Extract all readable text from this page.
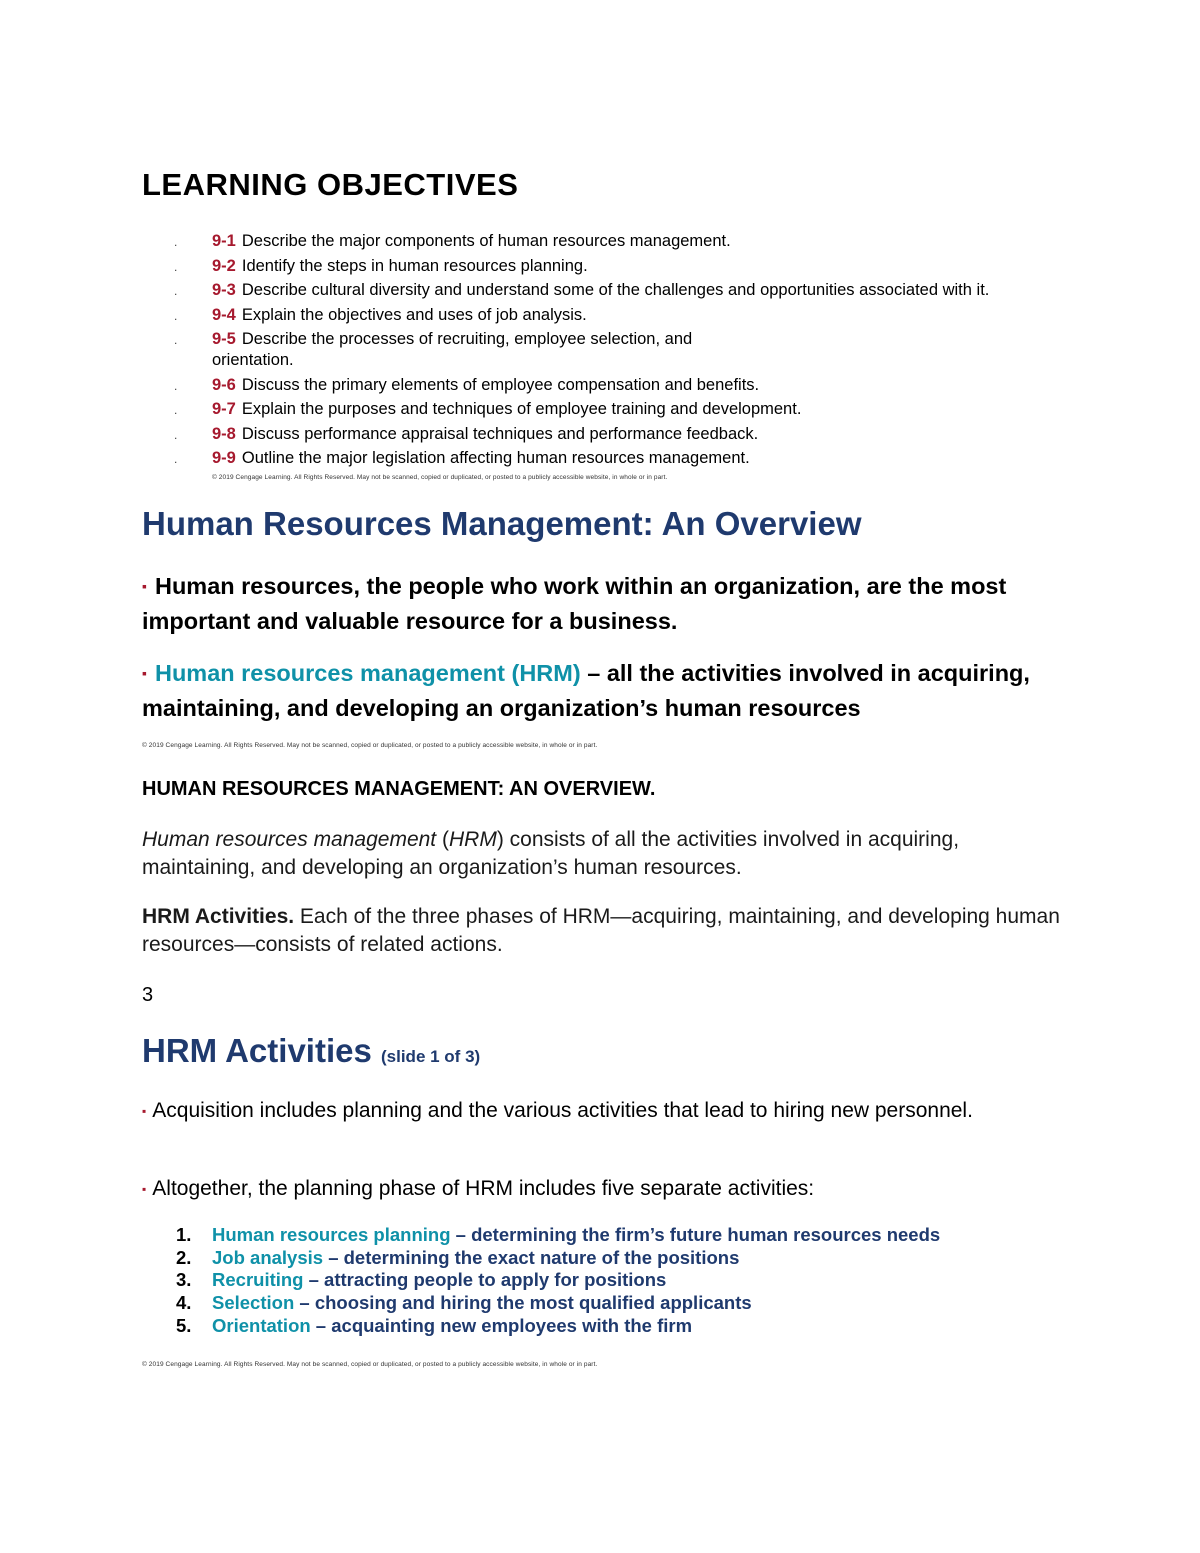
LEARNING OBJECTIVES
. 9-1 Describe the major components of human resources management.
. 9-2 Identify the steps in human resources planning.
. 9-3 Describe cultural diversity and understand some of the challenges and opportunities associated with it.
. 9-4 Explain the objectives and uses of job analysis.
. 9-5 Describe the processes of recruiting, employee selection, and orientation.
. 9-6 Discuss the primary elements of employee compensation and benefits.
. 9-7 Explain the purposes and techniques of employee training and development.
. 9-8 Discuss performance appraisal techniques and performance feedback.
. 9-9 Outline the major legislation affecting human resources management.
© 2019 Cengage Learning. All Rights Reserved. May not be scanned, copied or duplicated, or posted to a publicly accessible website, in whole or in part.
Human Resources Management: An Overview
▪ Human resources, the people who work within an organization, are the most important and valuable resource for a business.
▪ Human resources management (HRM) – all the activities involved in acquiring, maintaining, and developing an organization’s human resources
© 2019 Cengage Learning. All Rights Reserved. May not be scanned, copied or duplicated, or posted to a publicly accessible website, in whole or in part.
HUMAN RESOURCES MANAGEMENT: AN OVERVIEW.
Human resources management (HRM) consists of all the activities involved in acquiring, maintaining, and developing an organization’s human resources.
HRM Activities. Each of the three phases of HRM—acquiring, maintaining, and developing human resources—consists of related actions.
3
HRM Activities (slide 1 of 3)
▪ Acquisition includes planning and the various activities that lead to hiring new personnel.
▪ Altogether, the planning phase of HRM includes five separate activities:
1. Human resources planning – determining the firm’s future human resources needs
2. Job analysis – determining the exact nature of the positions
3. Recruiting – attracting people to apply for positions
4. Selection – choosing and hiring the most qualified applicants
5. Orientation – acquainting new employees with the firm
© 2019 Cengage Learning. All Rights Reserved. May not be scanned, copied or duplicated, or posted to a publicly accessible website, in whole or in part.
